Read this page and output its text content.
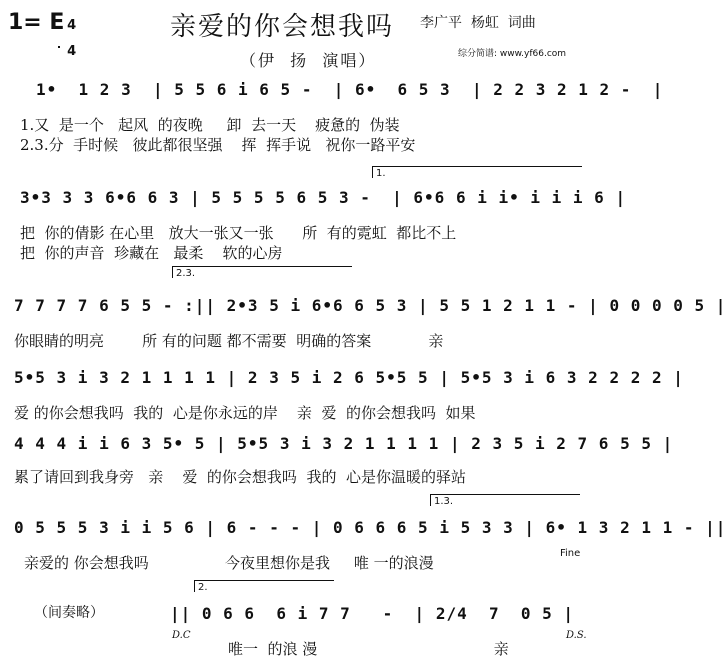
1= E 4

4

亲爱的你会想我吗 李广平  杨虹  词曲
综分简谱: www.yf66.com
（伊  扬  演唱）
1•  1 2 3  | 5 5 6 i 6 5 -  | 6•  6 5 3  | 2 2 3 2 1 2 -  |
1.又  是一个   起风  的夜晚     卸  去一天    疲惫的  伪装
2.3.分  手时候   彼此都很坚强    挥  挥手说   祝你一路平安
1.
3•3 3 3 6•6 6 3 | 5 5 5 5 6 5 3 -  | 6•6 6 i i• i i i 6 |
把  你的倩影 在心里   放大一张又一张      所  有的霓虹  都比不上
把  你的声音  珍藏在   最柔    软的心房
2.3.
7 7 7 7 6 5 5 - :|| 2•3 5 i 6•6 6 5 3 | 5 5 1 2 1 1 - | 0 0 0 0 5 |
你眼睛的明亮        所 有的问题 都不需要  明确的答案            亲
5•5 3 i 3 2 1 1 1 1 | 2 3 5 i 2 6 5•5 5 | 5•5 3 i 6 3 2 2 2 2 |
爱 的你会想我吗  我的  心是你永远的岸    亲  爱  的你会想我吗  如果
4 4 4 i i 6 3 5• 5 | 5•5 3 i 3 2 1 1 1 1 | 2 3 5 i 2 7 6 5 5 |
累了请回到我身旁   亲    爱  的你会想我吗  我的  心是你温暖的驿站
1.3.
0 5 5 5 3 i i 5 6 | 6 - - - | 0 6 6 6 5 i 5 3 3 | 6• 1 3 2 1 1 - ||
亲爱的 你会想我吗                今夜里想你是我     唯 一的浪漫
Fine
2.
（间奏略）	|| 0 6 6  6 i 7 7   -  | 2/4  7  0 5 |
D.C	D.S.
唯一  的浪 漫                                     亲
